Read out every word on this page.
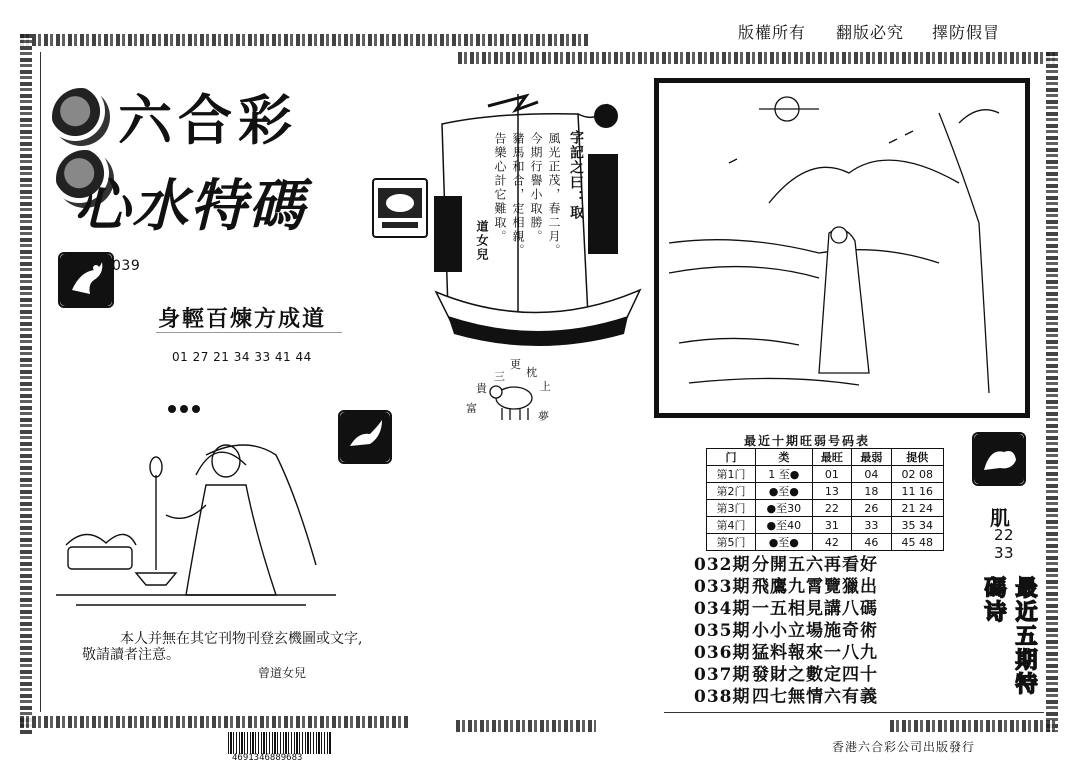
版權所有 翻版必究 擇防假冒
六合彩
心水特碼
039
身輕百煉方成道
01 27 21 34 33 41 44
本人并無在其它刊物刊登玄機圖或文字,
敬請讀者注意。
曾道女兒
字記之曰：取
風光正茂，春二月。
今期行譽小取勝。
豬馬和合，定相親。
告樂心計它難取。
道女兒
三
更
枕
上
夢
富
貴
最近十期旺弱号码表
门	类	最旺	最弱	提供
第1门	1 至●	01	04	02 08
第2门	●至●	13	18	11 16
第3门	●至30	22	26	21 24
第4门	●至40	31	33	35 34
第5门	●至●	42	46	45 48
肌
22
33
032期分開五六再看好
033期飛鷹九霄覽獵出
034期一五相見講八碼
035期小小立場施奇術
036期猛料報來一八九
037期發財之數定四十
038期四七無情六有義
最近五期特碼诗
4691346889683
香港六合彩公司出版發行
